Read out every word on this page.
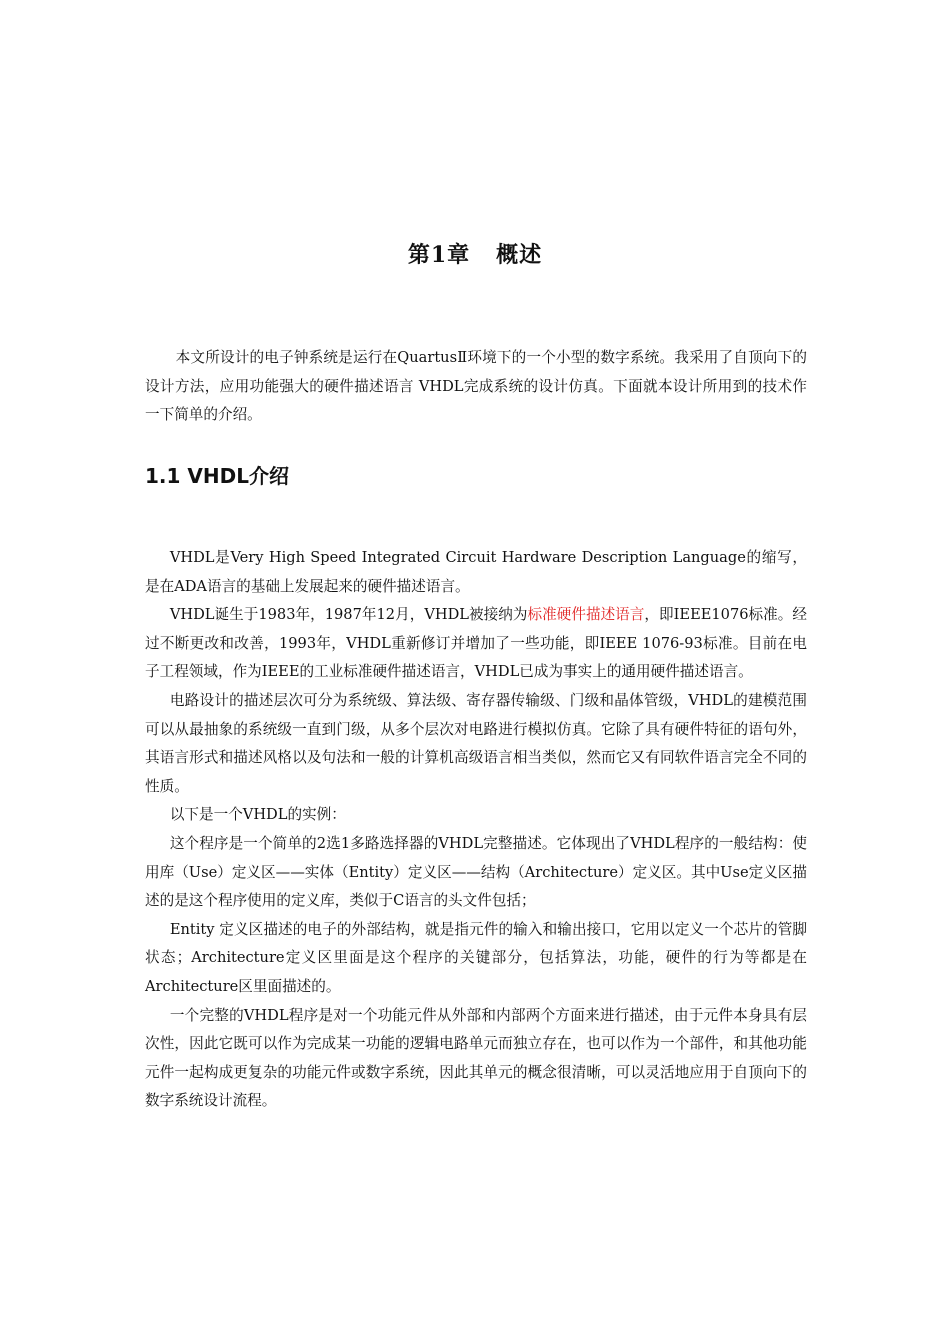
第1章 概述

本文所设计的电子钟系统是运行在QuartusⅡ环境下的一个小型的数字系统。我采用了自顶向下的设计方法，应用功能强大的硬件描述语言 VHDL完成系统的设计仿真。下面就本设计所用到的技术作一下简单的介绍。

1.1 VHDL介绍

VHDL是Very High Speed Integrated Circuit Hardware Description Language的缩写，是在ADA语言的基础上发展起来的硬件描述语言。

VHDL诞生于1983年，1987年12月，VHDL被接纳为标准硬件描述语言，即IEEE1076标准。经过不断更改和改善，1993年，VHDL重新修订并增加了一些功能，即IEEE 1076-93标准。目前在电子工程领域，作为IEEE的工业标准硬件描述语言，VHDL已成为事实上的通用硬件描述语言。

电路设计的描述层次可分为系统级、算法级、寄存器传输级、门级和晶体管级，VHDL的建模范围可以从最抽象的系统级一直到门级，从多个层次对电路进行模拟仿真。它除了具有硬件特征的语句外，其语言形式和描述风格以及句法和一般的计算机高级语言相当类似，然而它又有同软件语言完全不同的性质。

以下是一个VHDL的实例：

这个程序是一个简单的2选1多路选择器的VHDL完整描述。它体现出了VHDL程序的一般结构：使用库（Use）定义区——实体（Entity）定义区——结构（Architecture）定义区。其中Use定义区描述的是这个程序使用的定义库，类似于C语言的头文件包括；

Entity 定义区描述的电子的外部结构，就是指元件的输入和输出接口，它用以定义一个芯片的管脚状态；Architecture定义区里面是这个程序的关键部分，包括算法，功能，硬件的行为等都是在Architecture区里面描述的。

一个完整的VHDL程序是对一个功能元件从外部和内部两个方面来进行描述，由于元件本身具有层次性，因此它既可以作为完成某一功能的逻辑电路单元而独立存在，也可以作为一个部件，和其他功能元件一起构成更复杂的功能元件或数字系统，因此其单元的概念很清晰，可以灵活地应用于自顶向下的数字系统设计流程。
